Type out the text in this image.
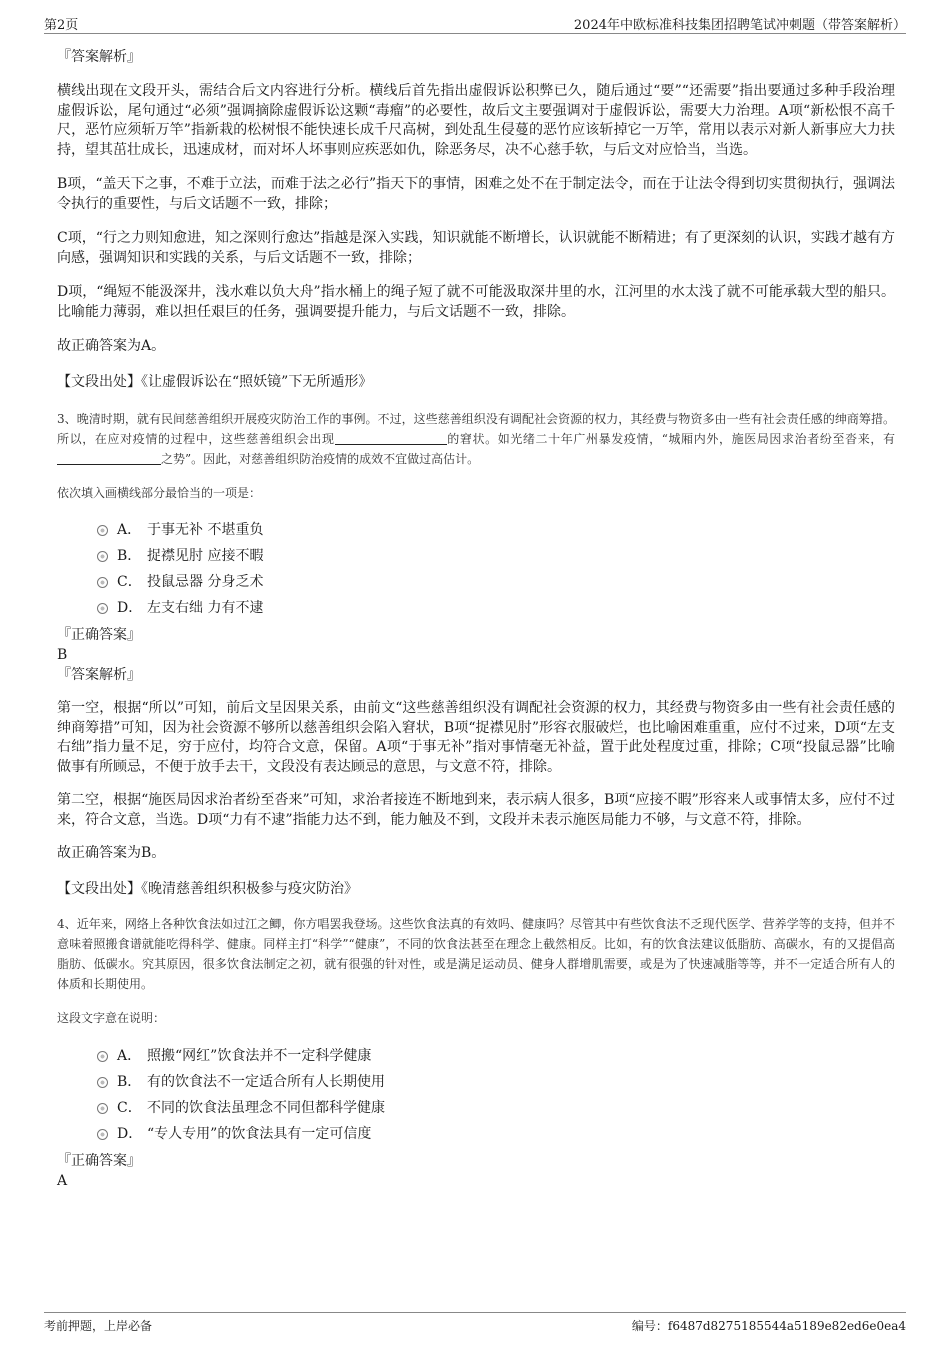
第2页	2024年中欧标准科技集团招聘笔试冲刺题（带答案解析）
『答案解析』
横线出现在文段开头，需结合后文内容进行分析。横线后首先指出虚假诉讼积弊已久，随后通过“要”“还需要”指出要通过多种手段治理虚假诉讼，尾句通过“必须”强调摘除虚假诉讼这颗“毒瘤”的必要性，故后文主要强调对于虚假诉讼，需要大力治理。A项“新松恨不高千尺，恶竹应须斩万竿”指新栽的松树恨不能快速长成千尺高树，到处乱生侵蔓的恶竹应该斩掉它一万竿，常用以表示对新人新事应大力扶持，望其茁壮成长，迅速成材，而对坏人坏事则应疾恶如仇，除恶务尽，决不心慈手软，与后文对应恰当，当选。
B项，“盖天下之事，不难于立法，而难于法之必行”指天下的事情，困难之处不在于制定法令，而在于让法令得到切实贯彻执行，强调法令执行的重要性，与后文话题不一致，排除；
C项，“行之力则知愈进，知之深则行愈达”指越是深入实践，知识就能不断增长，认识就能不断精进；有了更深刻的认识，实践才越有方向感，强调知识和实践的关系，与后文话题不一致，排除；
D项，“绳短不能汲深井，浅水难以负大舟”指水桶上的绳子短了就不可能汲取深井里的水，江河里的水太浅了就不可能承载大型的船只。比喻能力薄弱，难以担任艰巨的任务，强调要提升能力，与后文话题不一致，排除。
故正确答案为A。
【文段出处】《让虚假诉讼在“照妖镜”下无所遁形》
3、晚清时期，就有民间慈善组织开展疫灾防治工作的事例。不过，这些慈善组织没有调配社会资源的权力，其经费与物资多由一些有社会责任感的绅商筹措。所以，在应对疫情的过程中，这些慈善组织会出现	的窘状。如光绪二十年广州暴发疫情，“城厢内外，施医局因求治者纷至沓来，有之势”。因此，对慈善组织防治疫情的成效不宜做过高估计。
依次填入画横线部分最恰当的一项是：
A． 于事无补 不堪重负
B． 捉襟见肘 应接不暇
C． 投鼠忌器 分身乏术
D． 左支右绌 力有不逮
『正确答案』
B
『答案解析』
第一空，根据“所以”可知，前后文呈因果关系，由前文“这些慈善组织没有调配社会资源的权力，其经费与物资多由一些有社会责任感的绅商筹措”可知，因为社会资源不够所以慈善组织会陷入窘状，B项“捉襟见肘”形容衣服破烂，也比喻困难重重，应付不过来，D项“左支右绌”指力量不足，穷于应付，均符合文意，保留。A项“于事无补”指对事情毫无补益，置于此处程度过重，排除；C项“投鼠忌器”比喻做事有所顾忌，不便于放手去干，文段没有表达顾忌的意思，与文意不符，排除。
第二空，根据“施医局因求治者纷至沓来”可知，求治者接连不断地到来，表示病人很多，B项“应接不暇”形容来人或事情太多，应付不过来，符合文意，当选。D项“力有不逮”指能力达不到，能力触及不到，文段并未表示施医局能力不够，与文意不符，排除。
故正确答案为B。
【文段出处】《晚清慈善组织积极参与疫灾防治》
4、近年来，网络上各种饮食法如过江之鲫，你方唱罢我登场。这些饮食法真的有效吗、健康吗？尽管其中有些饮食法不乏现代医学、营养学等的支持，但并不意味着照搬食谱就能吃得科学、健康。同样主打“科学”“健康”，不同的饮食法甚至在理念上截然相反。比如，有的饮食法建议低脂肪、高碳水，有的又提倡高脂肪、低碳水。究其原因，很多饮食法制定之初，就有很强的针对性，或是满足运动员、健身人群增肌需要，或是为了快速减脂等等，并不一定适合所有人的体质和长期使用。
这段文字意在说明：
A． 照搬“网红”饮食法并不一定科学健康
B． 有的饮食法不一定适合所有人长期使用
C． 不同的饮食法虽理念不同但都科学健康
D． “专人专用”的饮食法具有一定可信度
『正确答案』
A
考前押题，上岸必备	编号：f6487d8275185544a5189e82ed6e0ea4
